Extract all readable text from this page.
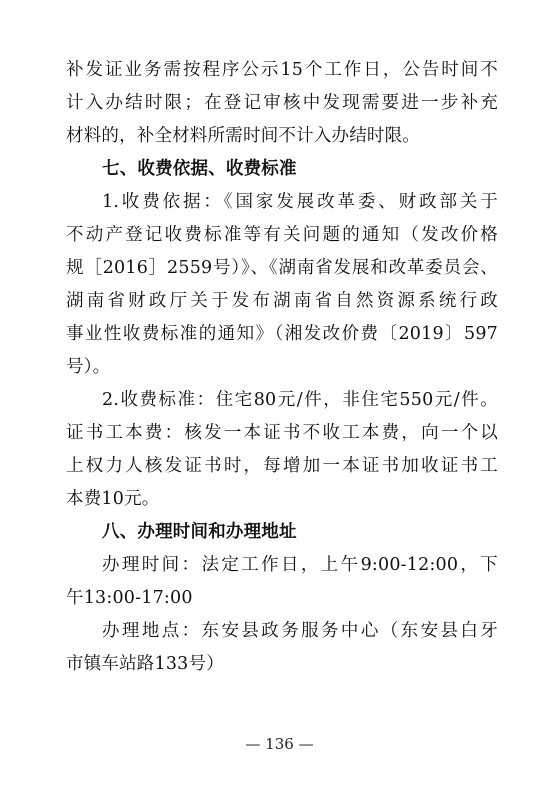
补发证业务需按程序公示15个工作日，公告时间不
计入办结时限；在登记审核中发现需要进一步补充
材料的，补全材料所需时间不计入办结时限。
七、收费依据、收费标准
1.收费依据：《国家发展改革委、财政部关于
不动产登记收费标准等有关问题的通知（发改价格
规［2016］2559号）》、《湖南省发展和改革委员会、
湖南省财政厅关于发布湖南省自然资源系统行政
事业性收费标准的通知》（湘发改价费〔2019〕597
号）。
2.收费标准：住宅80元/件，非住宅550元/件。
证书工本费：核发一本证书不收工本费，向一个以
上权力人核发证书时，每增加一本证书加收证书工
本费10元。
八、办理时间和办理地址
办理时间：法定工作日，上午9:00-12:00，下
午13:00-17:00
办理地点：东安县政务服务中心（东安县白牙
市镇车站路133号）
— 136 —
